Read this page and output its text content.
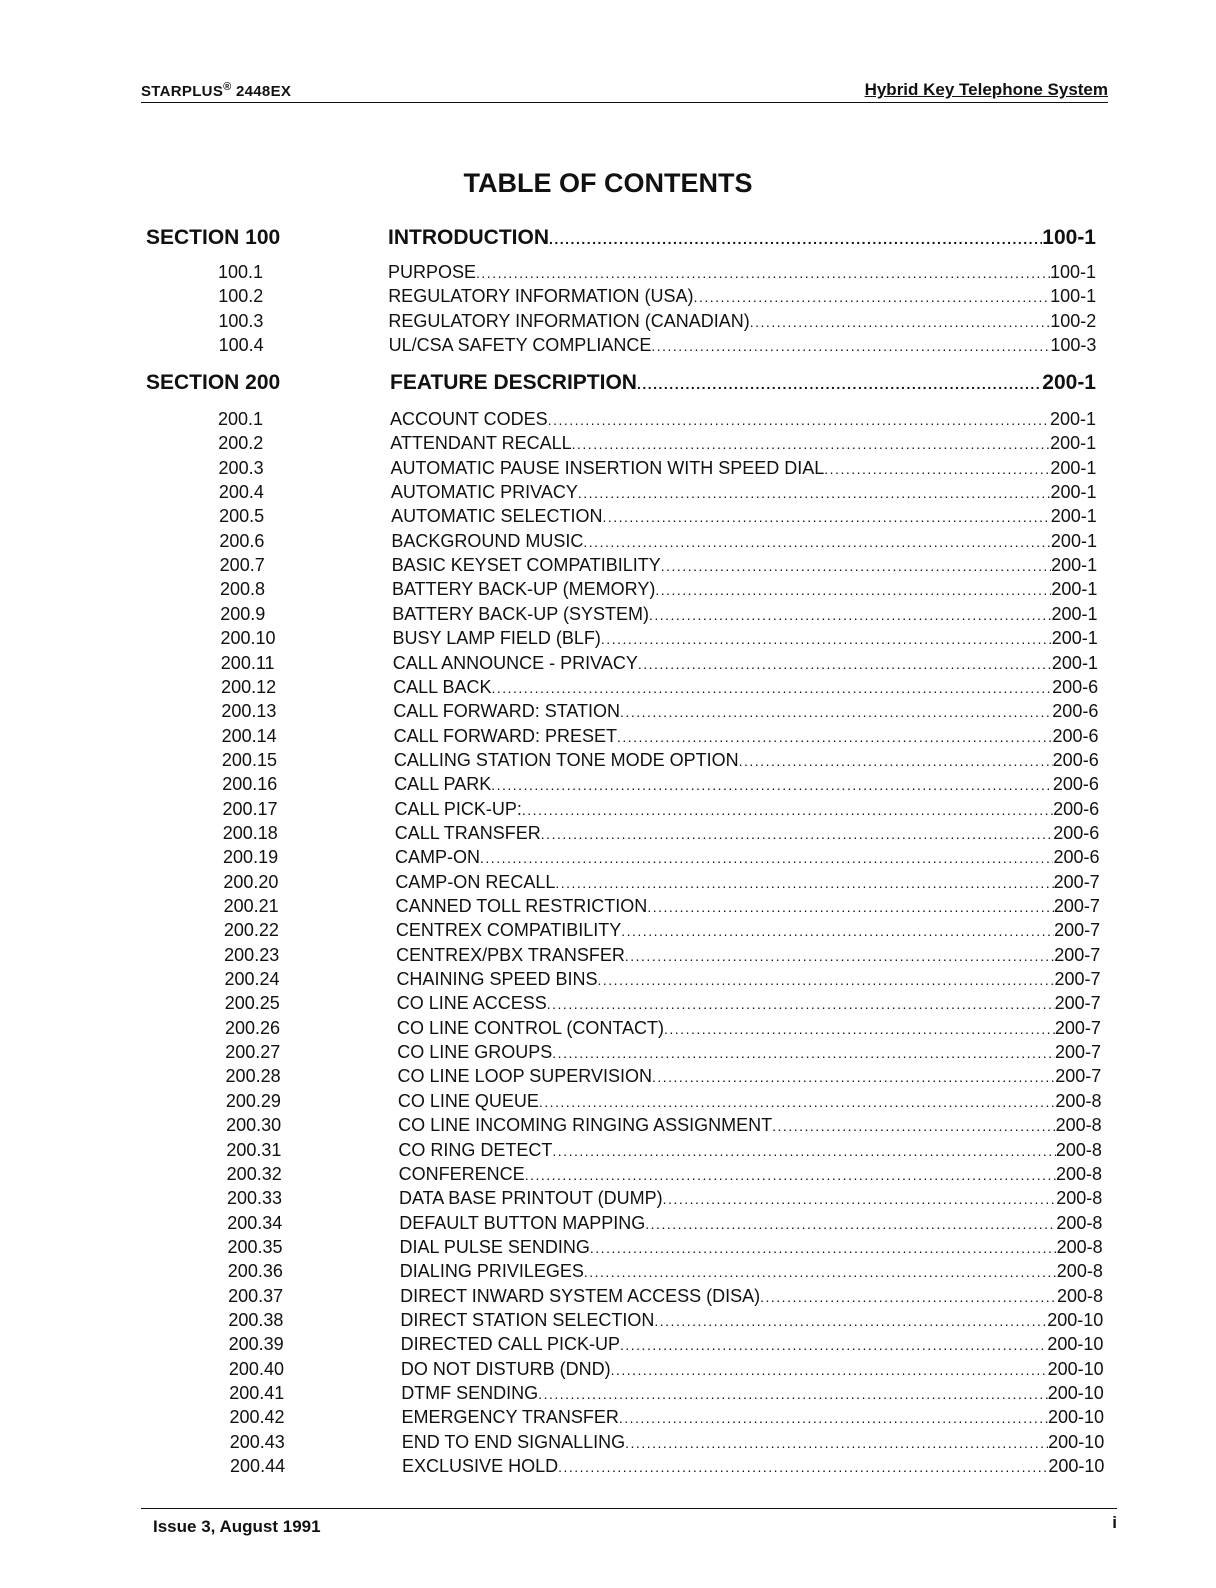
STARPLUS® 2448EX	Hybrid Key Telephone System
TABLE OF CONTENTS
SECTION 100	INTRODUCTION .....	100-1
100.1	PURPOSE .....	100-1
100.2	REGULATORY INFORMATION (USA) .....	100-1
100.3	REGULATORY INFORMATION (CANADIAN) .....	100-2
100.4	UL/CSA SAFETY COMPLIANCE .....	100-3
SECTION 200	FEATURE DESCRIPTION .....	200-1
200.1	ACCOUNT CODES .....	200-1
200.2	ATTENDANT RECALL .....	200-1
200.3	AUTOMATIC PAUSE INSERTION WITH SPEED DIAL .....	200-1
200.4	AUTOMATIC PRIVACY .....	200-1
200.5	AUTOMATIC SELECTION .....	200-1
200.6	BACKGROUND MUSIC .....	200-1
200.7	BASIC KEYSET COMPATIBILITY .....	200-1
200.8	BATTERY BACK-UP (MEMORY) .....	200-1
200.9	BATTERY BACK-UP (SYSTEM) .....	200-1
200.10	BUSY LAMP FIELD (BLF) .....	200-1
200.11	CALL ANNOUNCE - PRIVACY .....	200-1
200.12	CALL BACK .....	200-6
200.13	CALL FORWARD: STATION .....	200-6
200.14	CALL FORWARD: PRESET .....	200-6
200.15	CALLING STATION TONE MODE OPTION .....	200-6
200.16	CALL PARK .....	200-6
200.17	CALL PICK-UP: .....	200-6
200.18	CALL TRANSFER .....	200-6
200.19	CAMP-ON .....	200-6
200.20	CAMP-ON RECALL .....	200-7
200.21	CANNED TOLL RESTRICTION .....	200-7
200.22	CENTREX COMPATIBILITY .....	200-7
200.23	CENTREX/PBX TRANSFER .....	200-7
200.24	CHAINING SPEED BINS .....	200-7
200.25	CO LINE ACCESS .....	200-7
200.26	CO LINE CONTROL (CONTACT) .....	200-7
200.27	CO LINE GROUPS .....	200-7
200.28	CO LINE LOOP SUPERVISION .....	200-7
200.29	CO LINE QUEUE .....	200-8
200.30	CO LINE INCOMING RINGING ASSIGNMENT .....	200-8
200.31	CO RING DETECT .....	200-8
200.32	CONFERENCE .....	200-8
200.33	DATA BASE PRINTOUT (DUMP) .....	200-8
200.34	DEFAULT BUTTON MAPPING .....	200-8
200.35	DIAL PULSE SENDING .....	200-8
200.36	DIALING PRIVILEGES .....	200-8
200.37	DIRECT INWARD SYSTEM ACCESS (DISA) .....	200-8
200.38	DIRECT STATION SELECTION .....	200-10
200.39	DIRECTED CALL PICK-UP .....	200-10
200.40	DO NOT DISTURB (DND) .....	200-10
200.41	DTMF SENDING .....	200-10
200.42	EMERGENCY TRANSFER .....	200-10
200.43	END TO END SIGNALLING .....	200-10
200.44	EXCLUSIVE HOLD .....	200-10
Issue 3, August 1991	i
